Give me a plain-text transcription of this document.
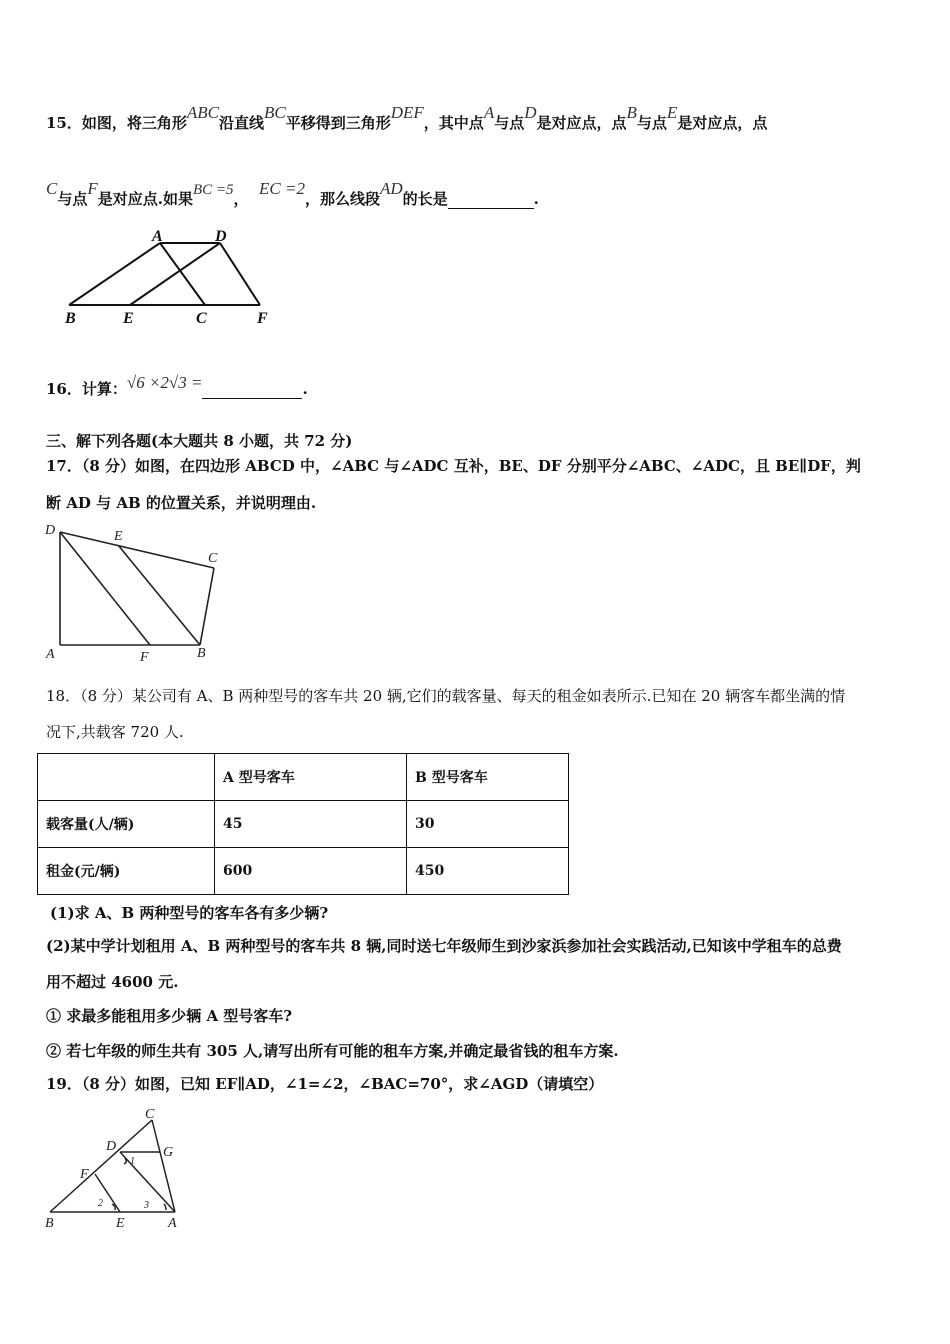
15．如图，将三角形ABC沿直线BC平移得到三角形DEF，其中点A与点D是对应点，点B与点E是对应点，点
C与点F是对应点.如果BC =5，  EC =2，那么线段AD的长是	.
A	D
B	E	C	F
16．计算：√6 ×2√3 =	.
三、解下列各题(本大题共 8 小题，共 72 分)
17．（8 分）如图，在四边形 ABCD 中，∠ABC 与∠ADC 互补，BE、DF 分别平分∠ABC、∠ADC，且 BE∥DF，判
断 AD 与 AB 的位置关系，并说明理由.
D	E
C
A	F	B
18．（8 分）某公司有 A、B 两种型号的客车共 20 辆,它们的载客量、每天的租金如表所示.已知在 20 辆客车都坐满的情
况下,共载客 720 人.
	A 型号客车	B 型号客车
载客量(人/辆)	45	30
租金(元/辆)	600	450
(1)求 A、B 两种型号的客车各有多少辆?
(2)某中学计划租用 A、B 两种型号的客车共 8 辆,同时送七年级师生到沙家浜参加社会实践活动,已知该中学租车的总费
用不超过 4600 元.
① 求最多能租用多少辆 A 型号客车?
② 若七年级的师生共有 305 人,请写出所有可能的租车方案,并确定最省钱的租车方案.
19．（8 分）如图，已知 EF∥AD，∠1=∠2，∠BAC=70°，求∠AGD（请填空）
C
D	G
1
F
2	3
B	E	A
